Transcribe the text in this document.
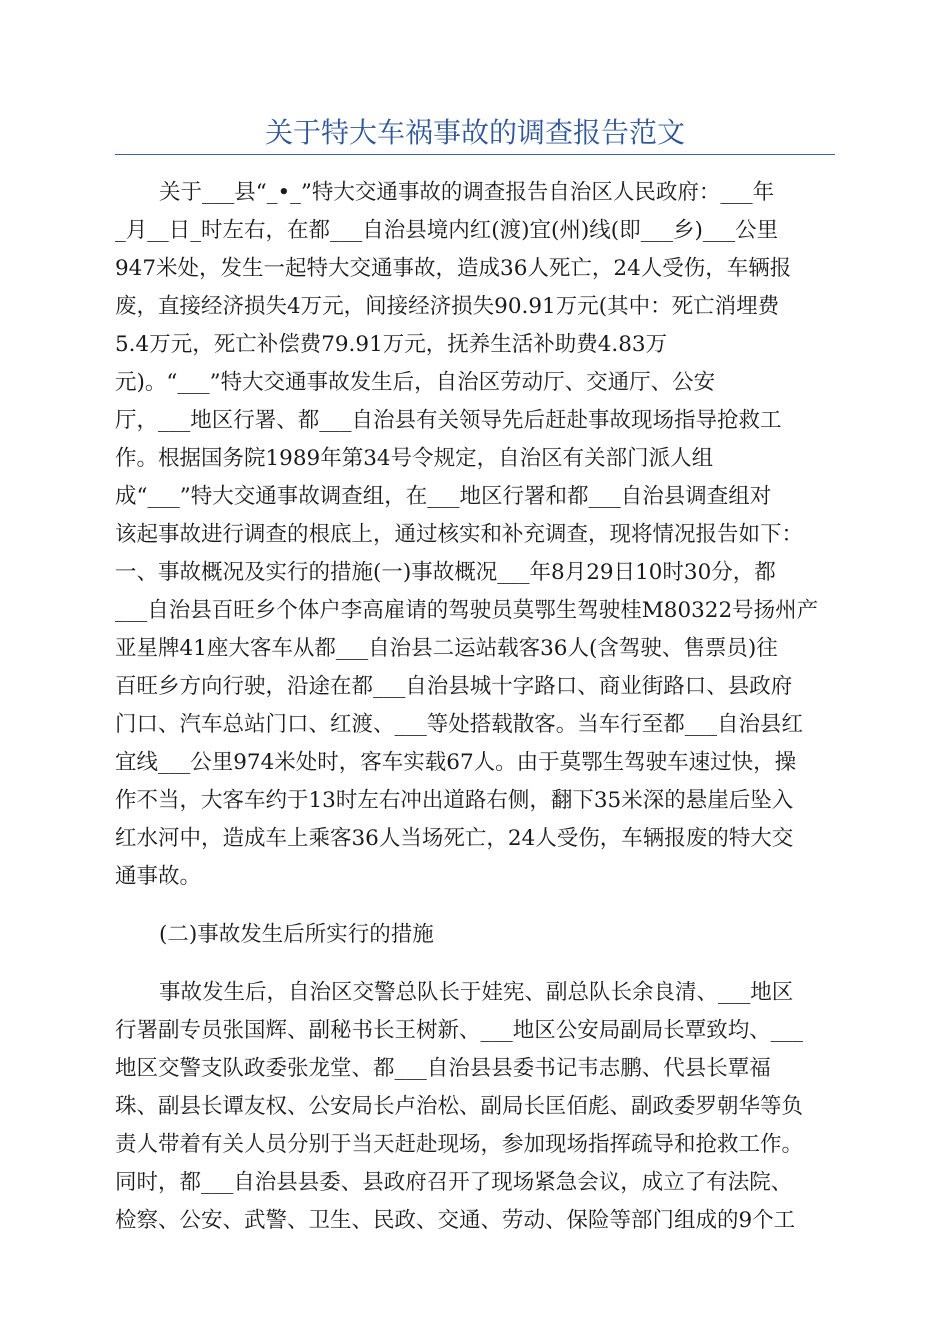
关于特大车祸事故的调查报告范文
关于___县“_•_”特大交通事故的调查报告自治区人民政府：___年
_月__日_时左右，在都___自治县境内红(渡)宜(州)线(即___乡)___公里
947米处，发生一起特大交通事故，造成36人死亡，24人受伤，车辆报
废，直接经济损失4万元，间接经济损失90.91万元(其中：死亡消埋费
5.4万元，死亡补偿费79.91万元，抚养生活补助费4.83万
元)。“___”特大交通事故发生后，自治区劳动厅、交通厅、公安
厅，___地区行署、都___自治县有关领导先后赶赴事故现场指导抢救工
作。根据国务院1989年第34号令规定，自治区有关部门派人组
成“___”特大交通事故调查组，在___地区行署和都___自治县调查组对
该起事故进行调查的根底上，通过核实和补充调查，现将情况报告如下：
一、事故概况及实行的措施(一)事故概况___年8月29日10时30分，都
___自治县百旺乡个体户李高雇请的驾驶员莫鄂生驾驶桂M80322号扬州产
亚星牌41座大客车从都___自治县二运站载客36人(含驾驶、售票员)往
百旺乡方向行驶，沿途在都___自治县城十字路口、商业街路口、县政府
门口、汽车总站门口、红渡、___等处搭载散客。当车行至都___自治县红
宜线___公里974米处时，客车实载67人。由于莫鄂生驾驶车速过快，操
作不当，大客车约于13时左右冲出道路右侧，翻下35米深的悬崖后坠入
红水河中，造成车上乘客36人当场死亡，24人受伤，车辆报废的特大交
通事故。
(二)事故发生后所实行的措施
事故发生后，自治区交警总队长于娃宪、副总队长余良清、___地区
行署副专员张国辉、副秘书长王树新、___地区公安局副局长覃致均、___
地区交警支队政委张龙堂、都___自治县县委书记韦志鹏、代县长覃福
珠、副县长谭友权、公安局长卢治松、副局长匡佰彪、副政委罗朝华等负
责人带着有关人员分别于当天赶赴现场，参加现场指挥疏导和抢救工作。
同时，都___自治县县委、县政府召开了现场紧急会议，成立了有法院、
检察、公安、武警、卫生、民政、交通、劳动、保险等部门组成的9个工
